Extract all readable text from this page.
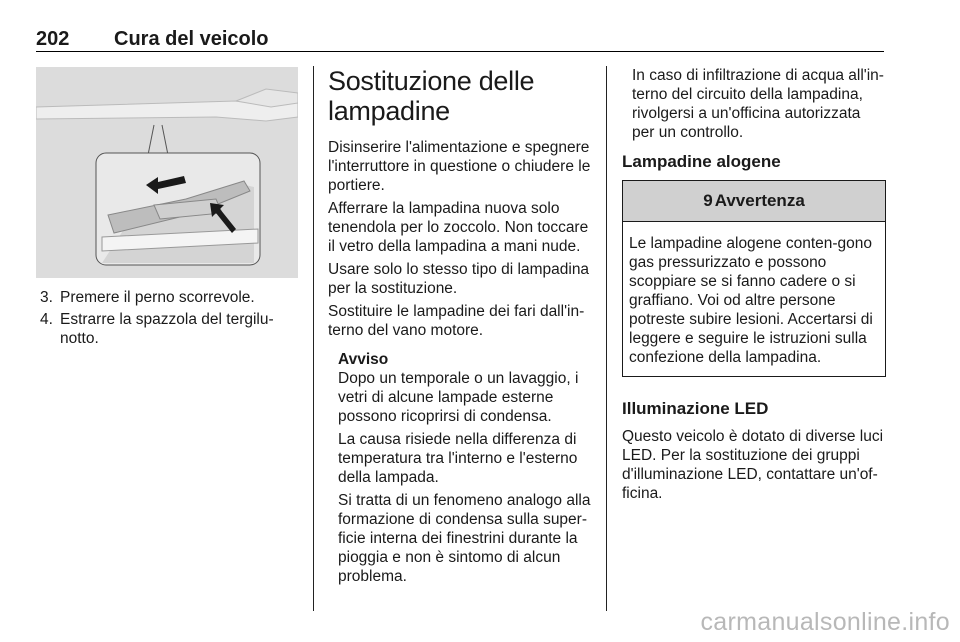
202 Cura del veicolo
3. Premere il perno scorrevole.
4. Estrarre la spazzola del tergilu-notto.
Sostituzione delle lampadine

Disinserire l'alimentazione e spegnere l'interruttore in questione o chiudere le portiere.

Afferrare la lampadina nuova solo tenendola per lo zoccolo. Non toccare il vetro della lampadina a mani nude.

Usare solo lo stesso tipo di lampadina per la sostituzione.

Sostituire le lampadine dei fari dall'in-terno del vano motore.

Avviso

Dopo un temporale o un lavaggio, i vetri di alcune lampade esterne possono ricoprirsi di condensa.

La causa risiede nella differenza di temperatura tra l'interno e l'esterno della lampada.

Si tratta di un fenomeno analogo alla formazione di condensa sulla super-ficie interna dei finestrini durante la pioggia e non è sintomo di alcun problema.

In caso di infiltrazione di acqua all'in-terno del circuito della lampadina, rivolgersi a un'officina autorizzata per un controllo.

Lampadine alogene
9 Avvertenza

Le lampadine alogene conten-gono gas pressurizzato e possono scoppiare se si fanno cadere o si graffiano. Voi od altre persone potreste subire lesioni. Accertarsi di leggere e seguire le istruzioni sulla confezione della lampadina.

Illuminazione LED

Questo veicolo è dotato di diverse luci LED. Per la sostituzione dei gruppi d'illuminazione LED, contattare un'of-ficina.

carmanualsonline.info
